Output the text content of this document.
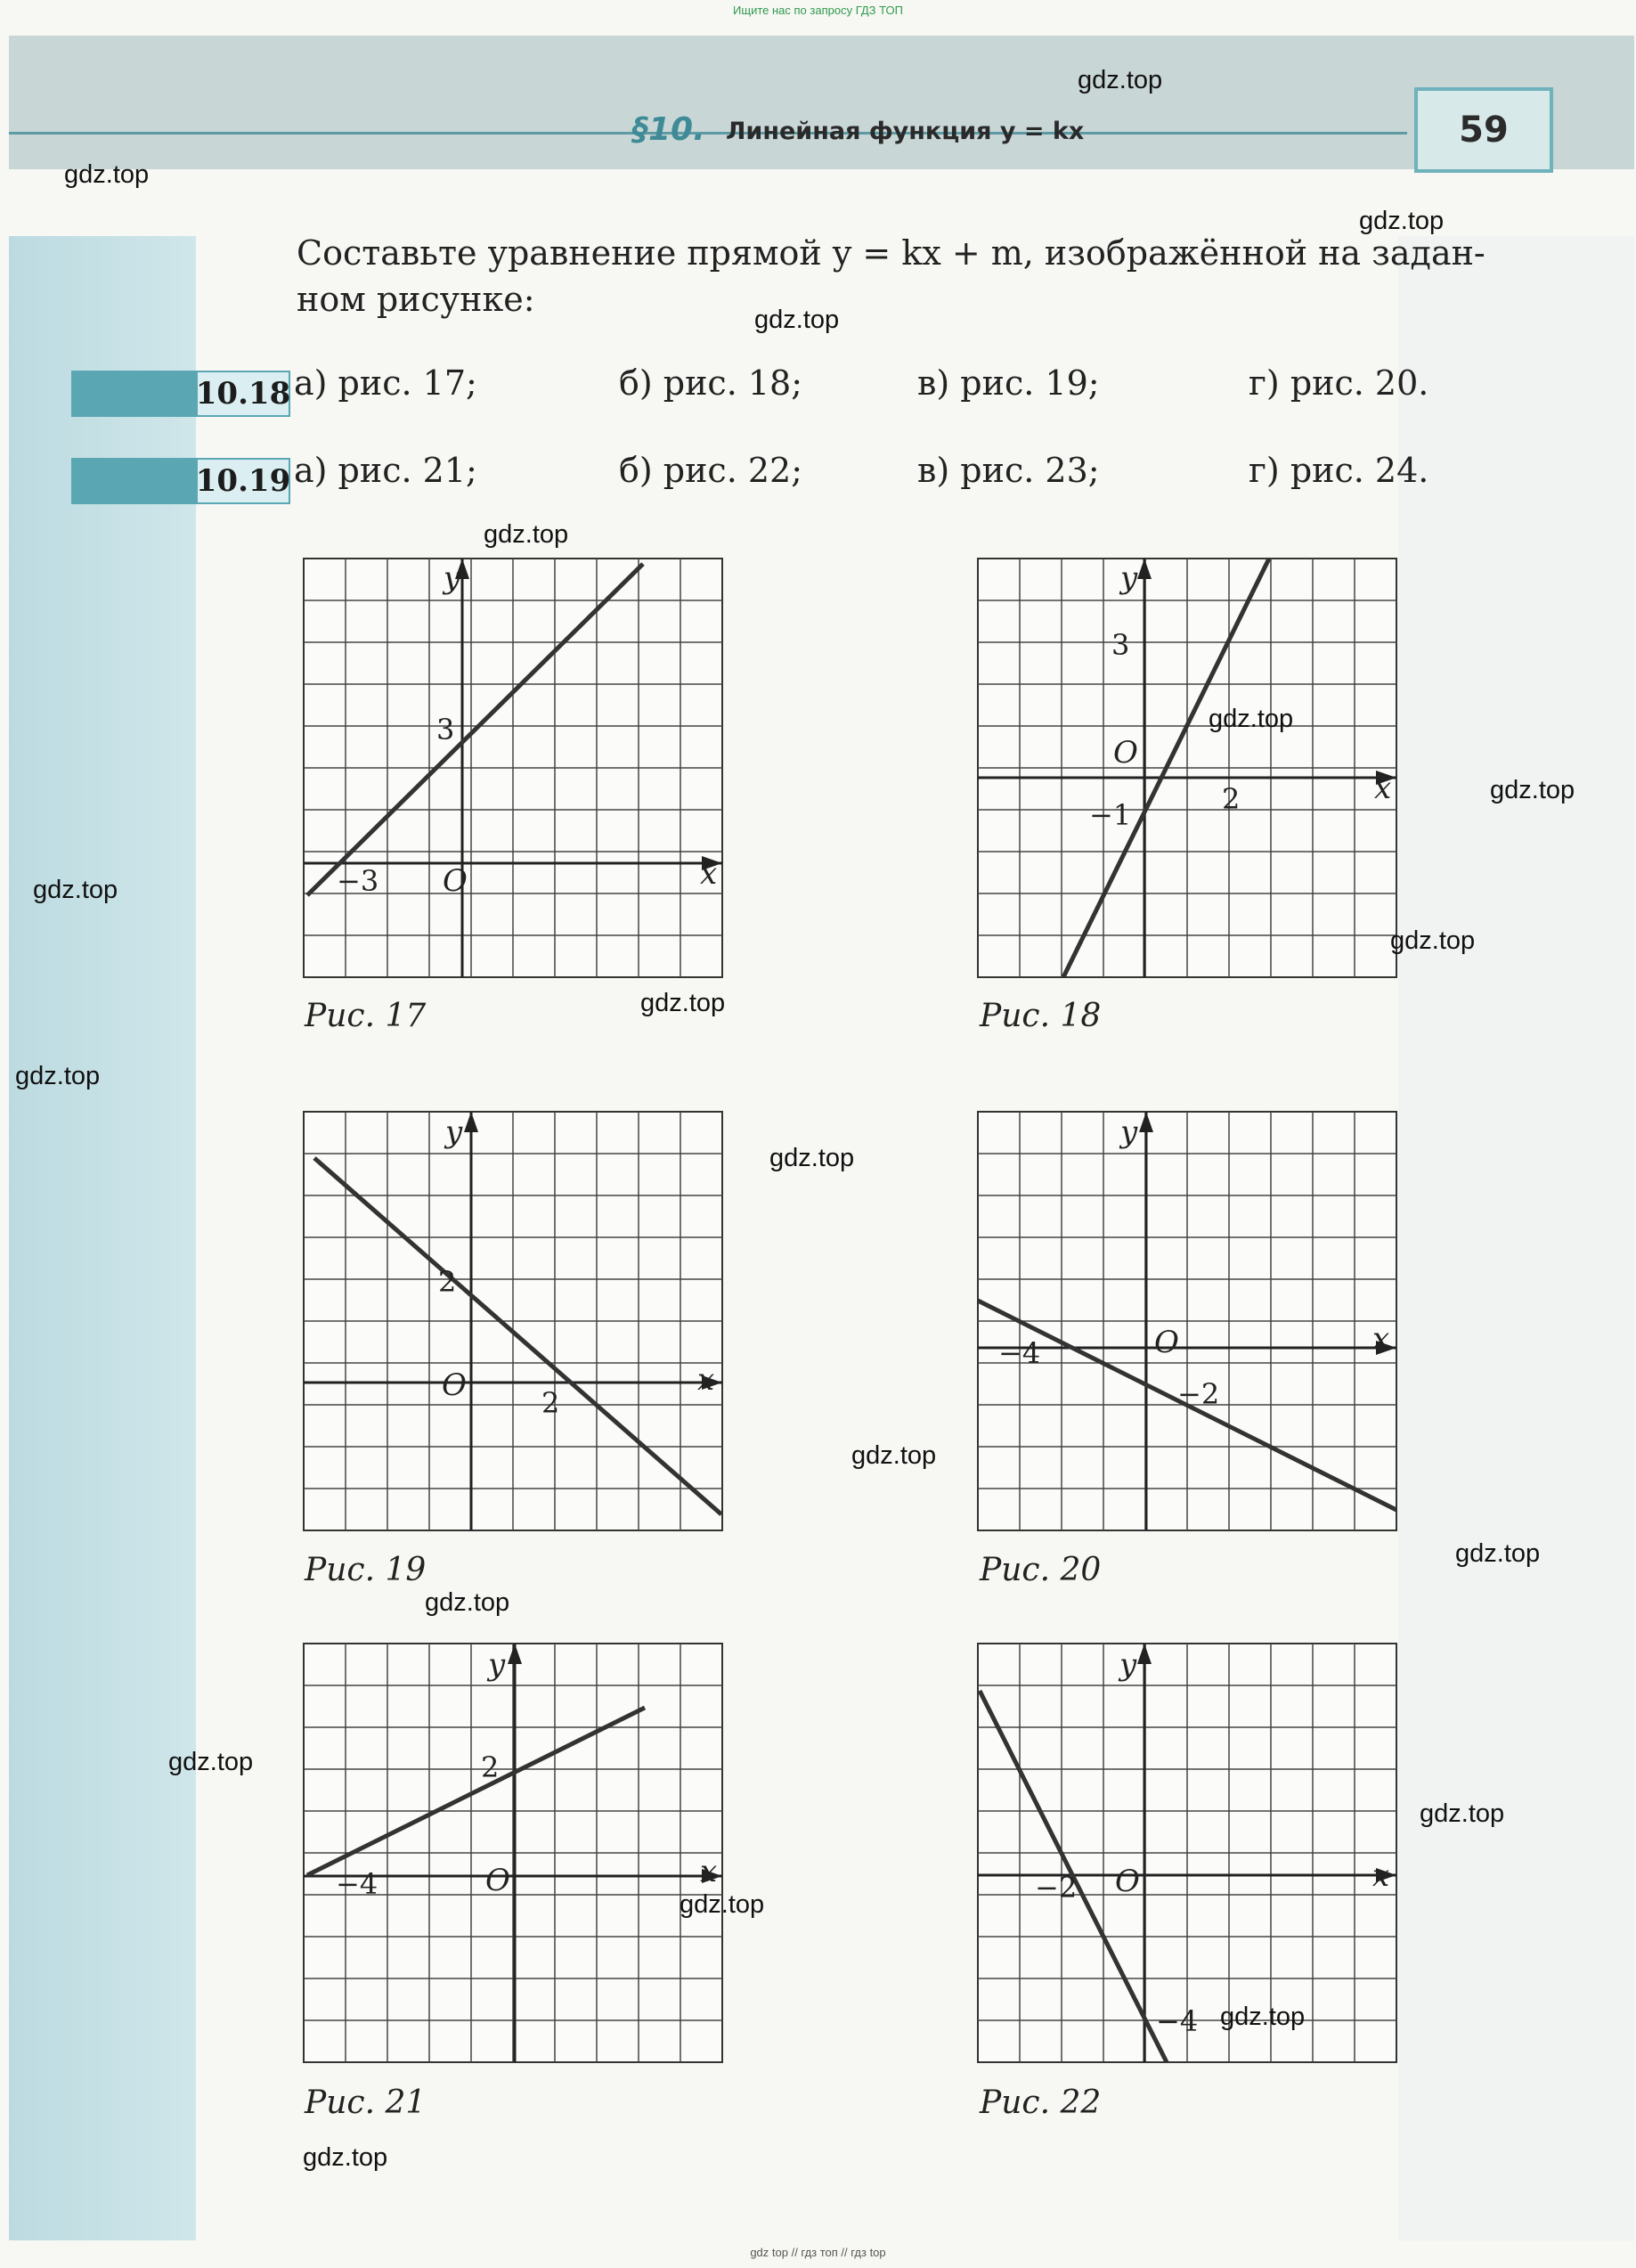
Ищите нас по запросу ГДЗ ТОП
§10. Линейная функция y = kx	59
Составьте уравнение прямой y = kx + m, изображённой на задан-
ном рисунке:
10.18 а) рис. 17;	б) рис. 18;	в) рис. 19;	г) рис. 20.
10.19 а) рис. 21;	б) рис. 22;	в) рис. 23;	г) рис. 24.
y
x
O
3
−3
y
x
O
3
−1	2
y
x
O
2
2
y
x
O
−4
−2
y
x
O
2
−4
y
x
O
−2
−4
Рис. 17	Рис. 18
Рис. 19	Рис. 20
Рис. 21	Рис. 22
gdz.top
gdz.top
gdz.top
gdz.top
gdz.top
gdz.top
gdz.top
gdz.top
gdz.top
gdz.top
gdz.top
gdz.top
gdz.top
gdz.top
gdz.top
gdz.top
gdz.top
gdz.top
gdz.top
gdz.top
gdz top // гдз топ // гдз top
